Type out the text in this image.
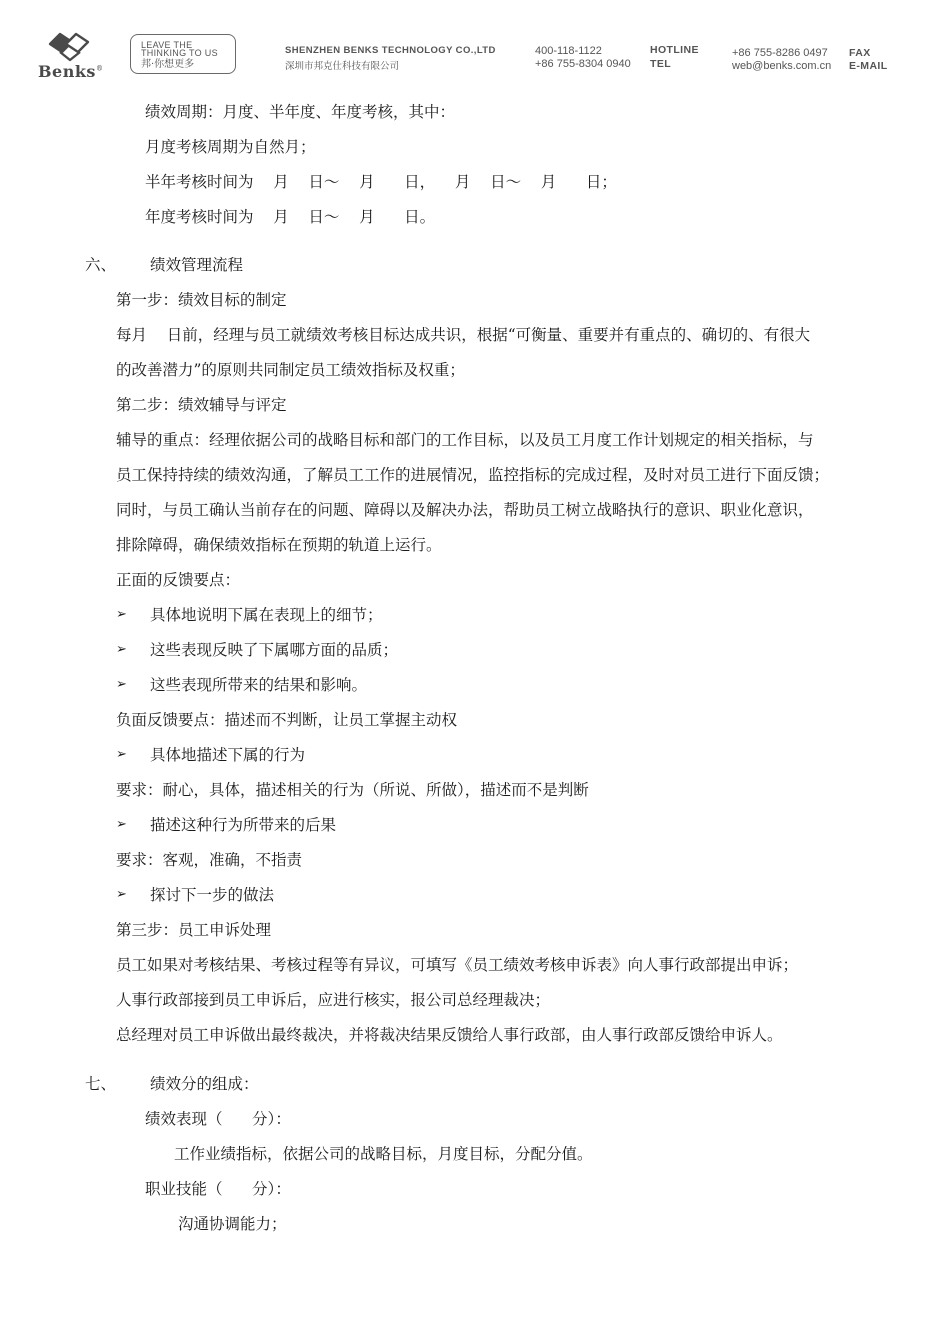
Benks®
LEAVE THE
THINKING TO US
邦·你想更多
SHENZHEN BENKS TECHNOLOGY CO.,LTD
深圳市邦克仕科技有限公司
400-118-1122	HOTLINE
+86 755-8304 0940 TEL
+86 755-8286 0497 FAX
web@benks.com.cn E-MAIL

绩效周期：月度、半年度、年度考核，其中：

月度考核周期为自然月；

半年考核时间为    月    日～    月      日，    月    日～    月      日；

年度考核时间为    月    日～    月      日。

六、 绩效管理流程

第一步：绩效目标的制定

每月    日前，经理与员工就绩效考核目标达成共识，根据“可衡量、重要并有重点的、确切的、有很大

的改善潜力”的原则共同制定员工绩效指标及权重；

第二步：绩效辅导与评定

辅导的重点：经理依据公司的战略目标和部门的工作目标，以及员工月度工作计划规定的相关指标，与

员工保持持续的绩效沟通，了解员工工作的进展情况，监控指标的完成过程，及时对员工进行下面反馈；

同时，与员工确认当前存在的问题、障碍以及解决办法，帮助员工树立战略执行的意识、职业化意识，

排除障碍，确保绩效指标在预期的轨道上运行。

正面的反馈要点：

➢ 具体地说明下属在表现上的细节；

➢ 这些表现反映了下属哪方面的品质；

➢ 这些表现所带来的结果和影响。

负面反馈要点：描述而不判断，让员工掌握主动权

➢ 具体地描述下属的行为

要求：耐心，具体，描述相关的行为（所说、所做），描述而不是判断

➢ 描述这种行为所带来的后果

要求：客观，准确，不指责

➢ 探讨下一步的做法

第三步：员工申诉处理

员工如果对考核结果、考核过程等有异议，可填写《员工绩效考核申诉表》向人事行政部提出申诉；

人事行政部接到员工申诉后，应进行核实，报公司总经理裁决；

总经理对员工申诉做出最终裁决，并将裁决结果反馈给人事行政部，由人事行政部反馈给申诉人。

七、 绩效分的组成：

绩效表现（      分）：

工作业绩指标，依据公司的战略目标，月度目标，分配分值。

职业技能（      分）：

沟通协调能力；
